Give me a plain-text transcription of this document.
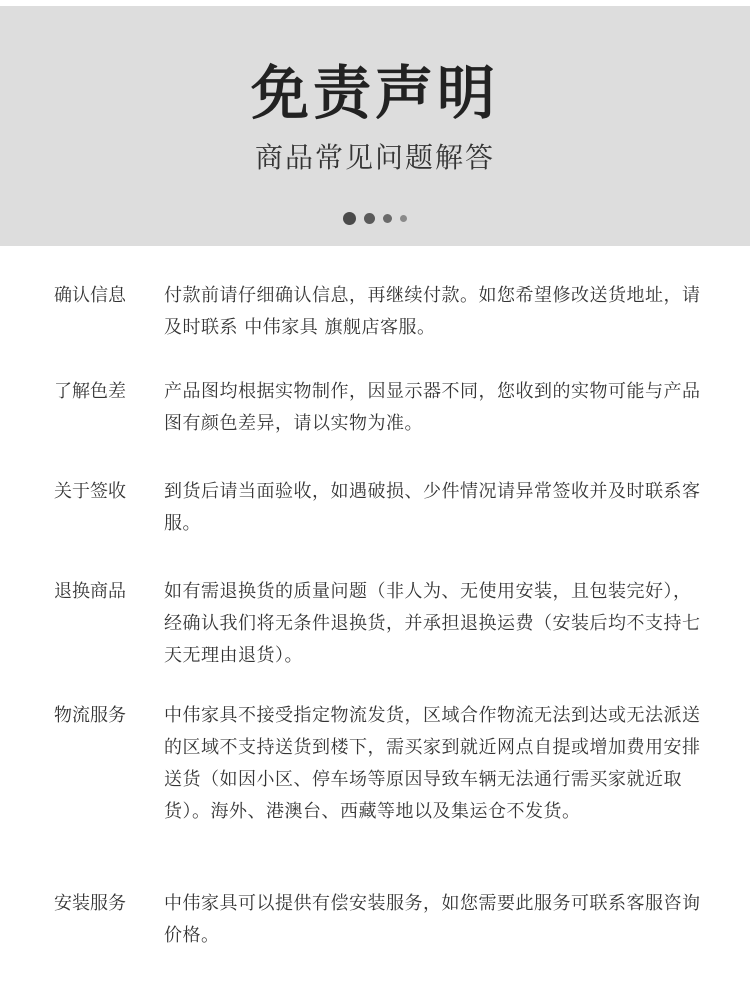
免责声明
商品常见问题解答
确认信息	付款前请仔细确认信息，再继续付款。如您希望修改送货地址，请及时联系 中伟家具 旗舰店客服。
了解色差	产品图均根据实物制作，因显示器不同，您收到的实物可能与产品图有颜色差异，请以实物为准。
关于签收	到货后请当面验收，如遇破损、少件情况请异常签收并及时联系客服。
退换商品	如有需退换货的质量问题（非人为、无使用安装，且包装完好），经确认我们将无条件退换货，并承担退换运费（安装后均不支持七天无理由退货）。
物流服务	中伟家具不接受指定物流发货，区域合作物流无法到达或无法派送的区域不支持送货到楼下，需买家到就近网点自提或增加费用安排送货（如因小区、停车场等原因导致车辆无法通行需买家就近取货）。海外、港澳台、西藏等地以及集运仓不发货。
安装服务	中伟家具可以提供有偿安装服务，如您需要此服务可联系客服咨询价格。
